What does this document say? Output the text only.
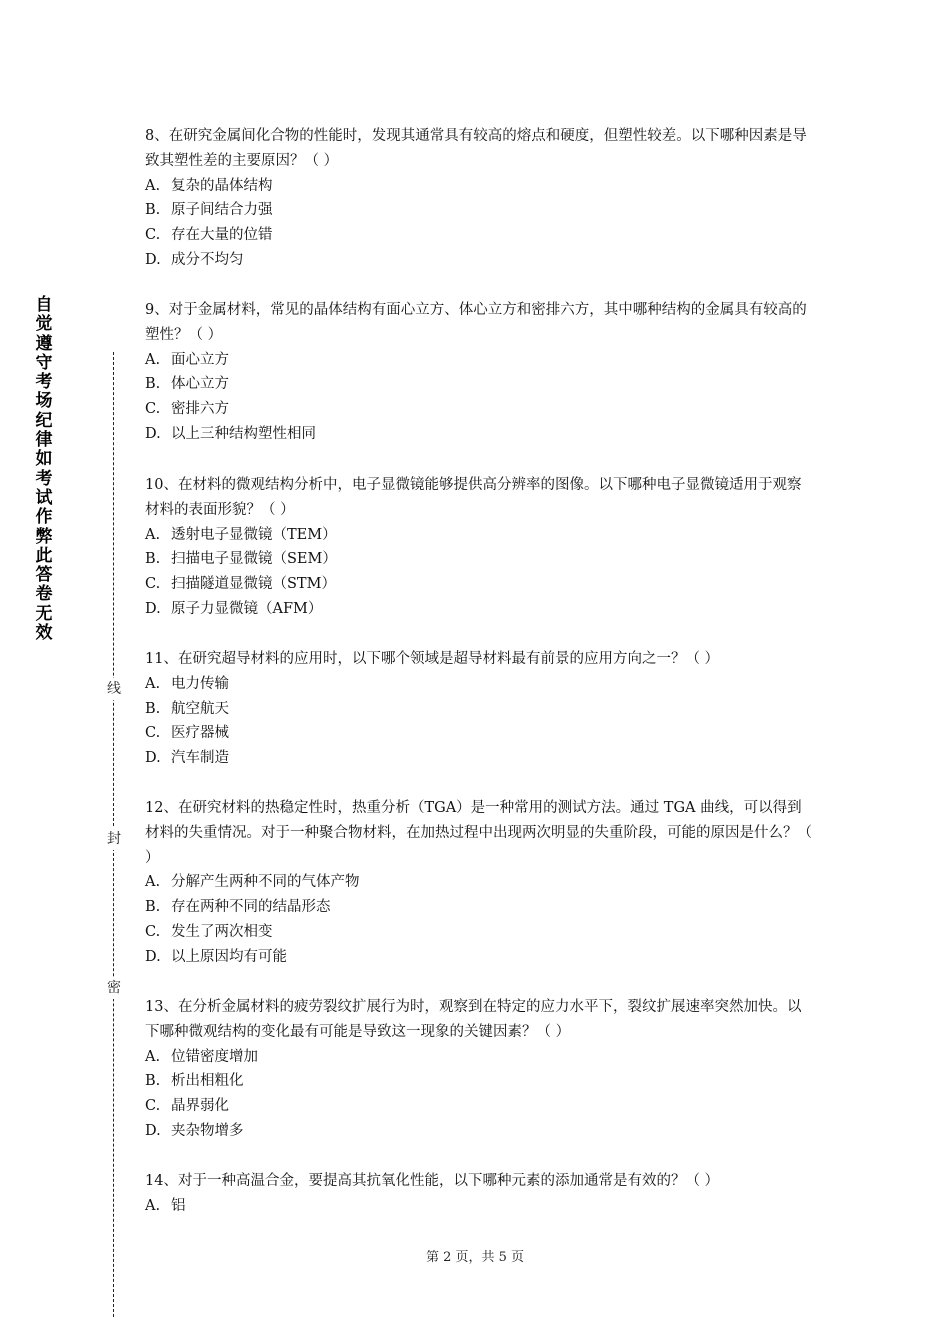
自觉遵守考场纪律如考试作弊此答卷无效
线
封
密

8、在研究金属间化合物的性能时，发现其通常具有较高的熔点和硬度，但塑性较差。以下哪种因素是导致其塑性差的主要原因？（ ）

A. 复杂的晶体结构

B. 原子间结合力强

C. 存在大量的位错

D. 成分不均匀

9、对于金属材料，常见的晶体结构有面心立方、体心立方和密排六方，其中哪种结构的金属具有较高的塑性？（ ）

A. 面心立方

B. 体心立方

C. 密排六方

D. 以上三种结构塑性相同

10、在材料的微观结构分析中，电子显微镜能够提供高分辨率的图像。以下哪种电子显微镜适用于观察材料的表面形貌？（ ）

A. 透射电子显微镜（TEM）

B. 扫描电子显微镜（SEM）

C. 扫描隧道显微镜（STM）

D. 原子力显微镜（AFM）

11、在研究超导材料的应用时，以下哪个领域是超导材料最有前景的应用方向之一？（ ）

A. 电力传输

B. 航空航天

C. 医疗器械

D. 汽车制造

12、在研究材料的热稳定性时，热重分析（TGA）是一种常用的测试方法。通过 TGA 曲线，可以得到材料的失重情况。对于一种聚合物材料，在加热过程中出现两次明显的失重阶段，可能的原因是什么？（ ）

A. 分解产生两种不同的气体产物

B. 存在两种不同的结晶形态

C. 发生了两次相变

D. 以上原因均有可能

13、在分析金属材料的疲劳裂纹扩展行为时，观察到在特定的应力水平下，裂纹扩展速率突然加快。以下哪种微观结构的变化最有可能是导致这一现象的关键因素？（ ）

A. 位错密度增加

B. 析出相粗化

C. 晶界弱化

D. 夹杂物增多

14、对于一种高温合金，要提高其抗氧化性能，以下哪种元素的添加通常是有效的？（ ）

A. 铝

第 2 页，共 5 页
